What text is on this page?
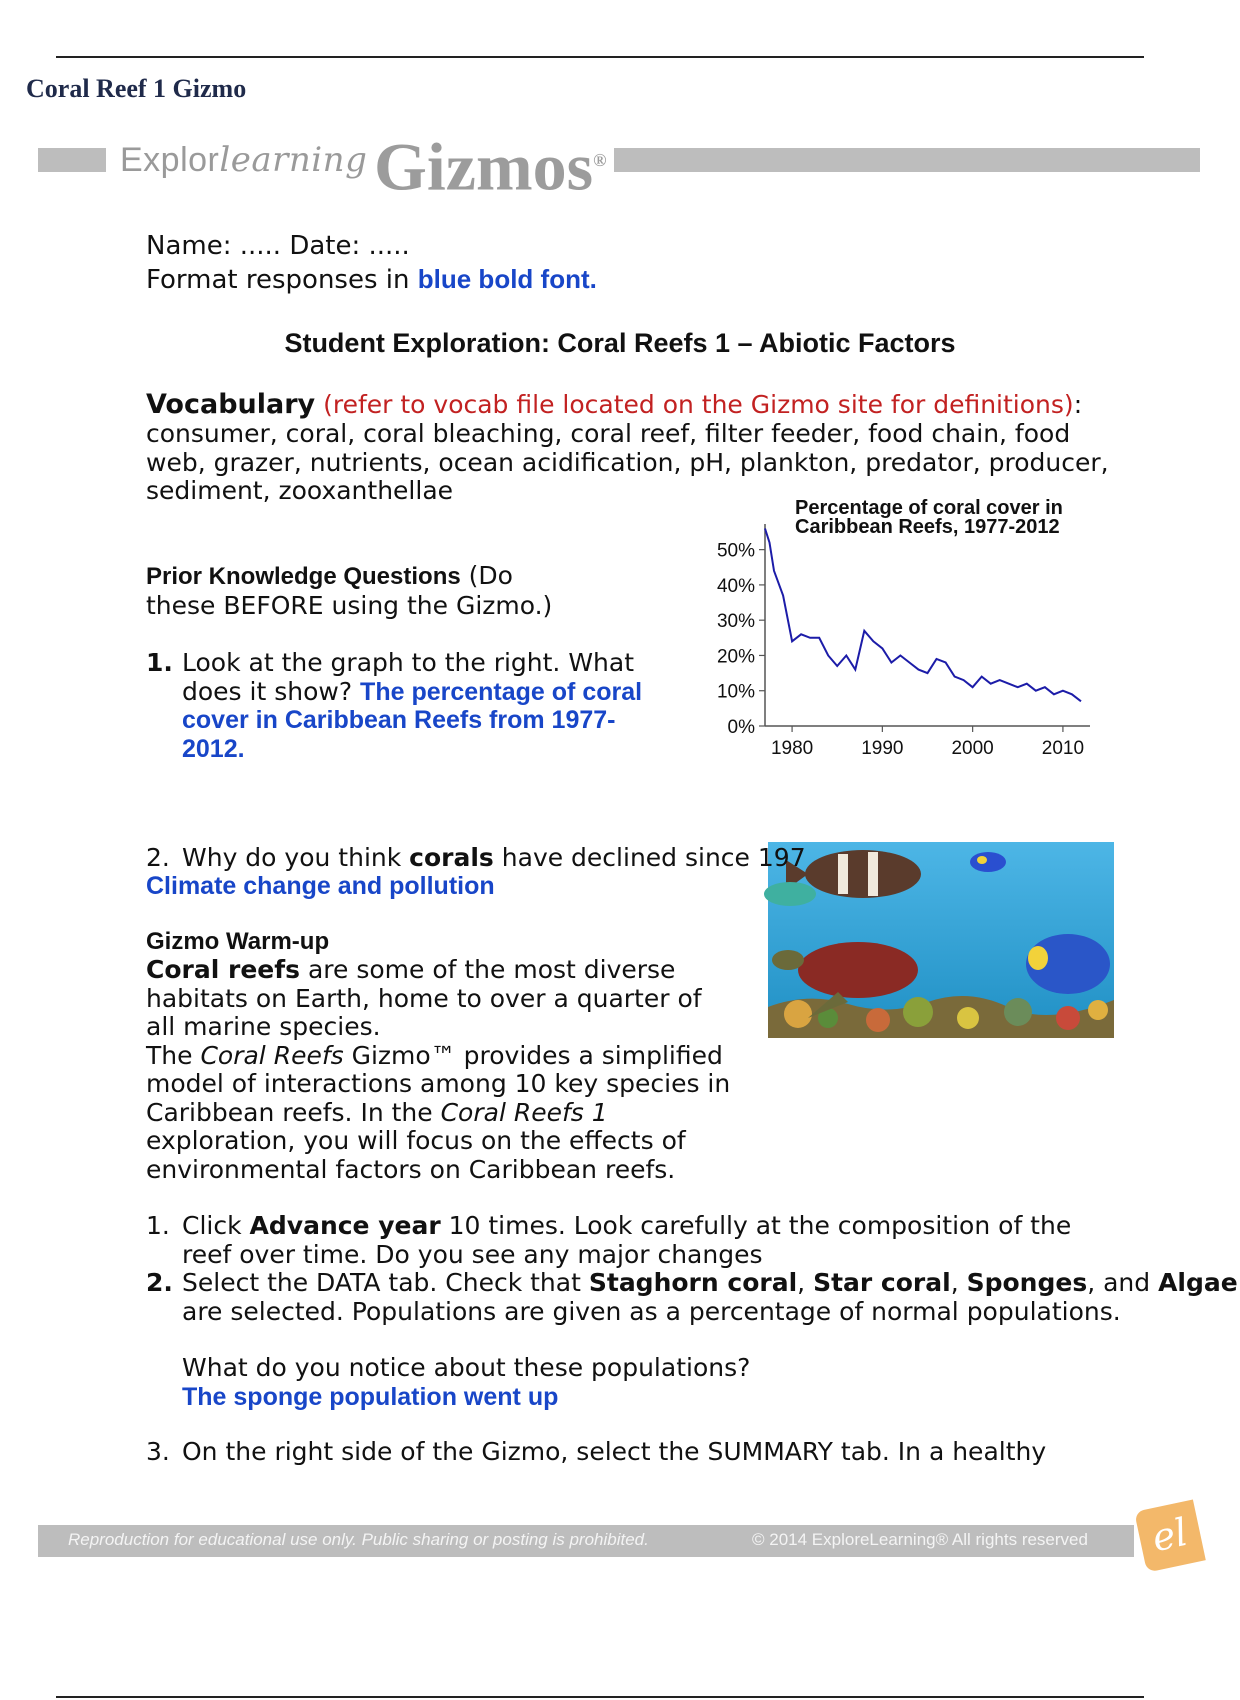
Coral Reef 1 Gizmo
Explorlearning Gizmos®
Name: ..... Date: .....
Format responses in blue bold font.
Student Exploration: Coral Reefs 1 – Abiotic Factors
Vocabulary (refer to vocab file located on the Gizmo site for definitions):
consumer, coral, coral bleaching, coral reef, filter feeder, food chain, food
web, grazer, nutrients, ocean acidification, pH, plankton, predator, producer,
sediment, zooxanthellae
Prior Knowledge Questions (Do
these BEFORE using the Gizmo.)
1. Look at the graph to the right. What
does it show? The percentage of coral
cover in Caribbean Reefs from 1977-
2012.
Percentage of coral cover in
Caribbean Reefs, 1977-2012
0%
10%
20%
30%
40%
50%
1980	1990	2000	2010
2. Why do you think corals have declined since 197
Climate change and pollution
Gizmo Warm-up
Coral reefs are some of the most diverse
habitats on Earth, home to over a quarter of
all marine species.
The Coral Reefs Gizmo™ provides a simplified
model of interactions among 10 key species in
Caribbean reefs. In the Coral Reefs 1
exploration, you will focus on the effects of
environmental factors on Caribbean reefs.
1. Click Advance year 10 times. Look carefully at the composition of the
reef over time. Do you see any major changes
2. Select the DATA tab. Check that Staghorn coral, Star coral, Sponges, and Algae
are selected. Populations are given as a percentage of normal populations.
What do you notice about these populations?
The sponge population went up
3. On the right side of the Gizmo, select the SUMMARY tab. In a healthy
Reproduction for educational use only. Public sharing or posting is prohibited.	© 2014 ExploreLearning® All rights reserved	el
